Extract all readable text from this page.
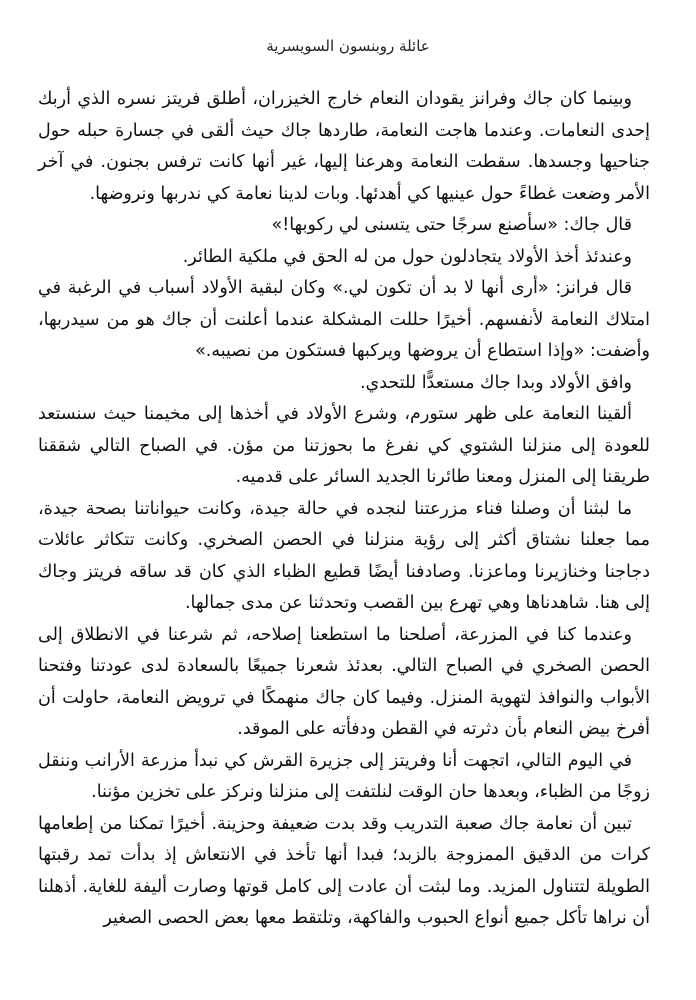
عائلة روبنسون السويسرية

وبينما كان جاك وفرانز يقودان النعام خارج الخيزران، أطلق فريتز نسره الذي أربك إحدى النعامات. وعندما هاجت النعامة، طاردها جاك حيث ألقى في جسارة حبله حول جناحيها وجسدها. سقطت النعامة وهرعنا إليها، غير أنها كانت ترفس بجنون. في آخر الأمر وضعت غطاءً حول عينيها كي أهدئها. وبات لدينا نعامة كي ندربها ونروضها.

قال جاك: «سأصنع سرجًا حتى يتسنى لي ركوبها!»

وعندئذ أخذ الأولاد يتجادلون حول من له الحق في ملكية الطائر.

قال فرانز: «أرى أنها لا بد أن تكون لي.» وكان لبقية الأولاد أسباب في الرغبة في امتلاك النعامة لأنفسهم. أخيرًا حللت المشكلة عندما أعلنت أن جاك هو من سيدربها، وأضفت: «وإذا استطاع أن يروضها ويركبها فستكون من نصيبه.»

وافق الأولاد وبدا جاك مستعدًّا للتحدي.

ألقينا النعامة على ظهر ستورم، وشرع الأولاد في أخذها إلى مخيمنا حيث سنستعد للعودة إلى منزلنا الشتوي كي نفرغ ما بحوزتنا من مؤن. في الصباح التالي شققنا طريقنا إلى المنزل ومعنا طائرنا الجديد السائر على قدميه.

ما لبثنا أن وصلنا فناء مزرعتنا لنجده في حالة جيدة، وكانت حيواناتنا بصحة جيدة، مما جعلنا نشتاق أكثر إلى رؤية منزلنا في الحصن الصخري. وكانت تتكاثر عائلات دجاجنا وخنازيرنا وماعزنا. وصادفنا أيضًا قطيع الظباء الذي كان قد ساقه فريتز وجاك إلى هنا. شاهدناها وهي تهرع بين القصب وتحدثنا عن مدى جمالها.

وعندما كنا في المزرعة، أصلحنا ما استطعنا إصلاحه، ثم شرعنا في الانطلاق إلى الحصن الصخري في الصباح التالي. بعدئذ شعرنا جميعًا بالسعادة لدى عودتنا وفتحنا الأبواب والنوافذ لتهوية المنزل. وفيما كان جاك منهمكًا في ترويض النعامة، حاولت أن أفرخ بيض النعام بأن دثرته في القطن ودفأته على الموقد.

في اليوم التالي، اتجهت أنا وفريتز إلى جزيرة القرش كي نبدأ مزرعة الأرانب وننقل زوجًا من الظباء، وبعدها حان الوقت لنلتفت إلى منزلنا ونركز على تخزين مؤننا.

تبين أن نعامة جاك صعبة التدريب وقد بدت ضعيفة وحزينة. أخيرًا تمكنا من إطعامها كرات من الدقيق الممزوجة بالزبد؛ فبدا أنها تأخذ في الانتعاش إذ بدأت تمد رقبتها الطويلة لتتناول المزيد. وما لبثت أن عادت إلى كامل قوتها وصارت أليفة للغاية. أذهلنا أن نراها تأكل جميع أنواع الحبوب والفاكهة، وتلتقط معها بعض الحصى الصغير
